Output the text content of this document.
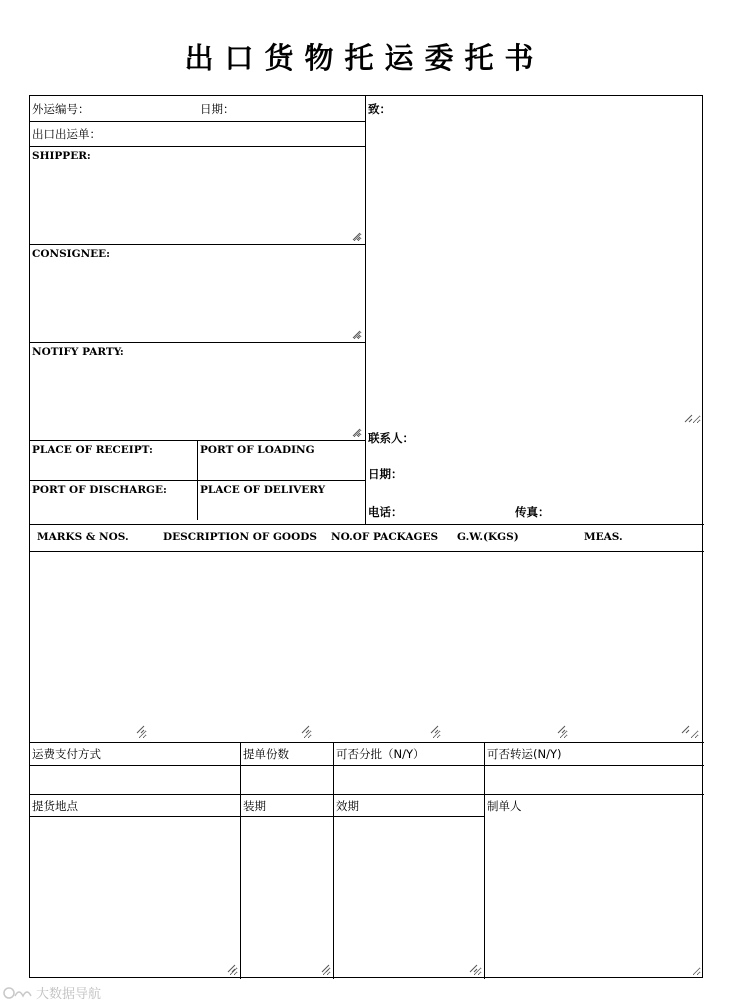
出口货物托运委托书
外运编号：	日期：
出口出运单：
致：
SHIPPER:
CONSIGNEE:
NOTIFY PARTY:
PLACE OF RECEIPT:	PORT OF LOADING
PORT OF DISCHARGE:	PLACE OF DELIVERY
联系人：
日期：
电话：	传真：
MARKS & NOS.	DESCRIPTION OF GOODS NO.OF PACKAGES G.W.(KGS)	MEAS.
运费支付方式	提单份数	可否分批（N/Y）	可否转运(N/Y)
提货地点	装期	效期	制单人
大数据导航
